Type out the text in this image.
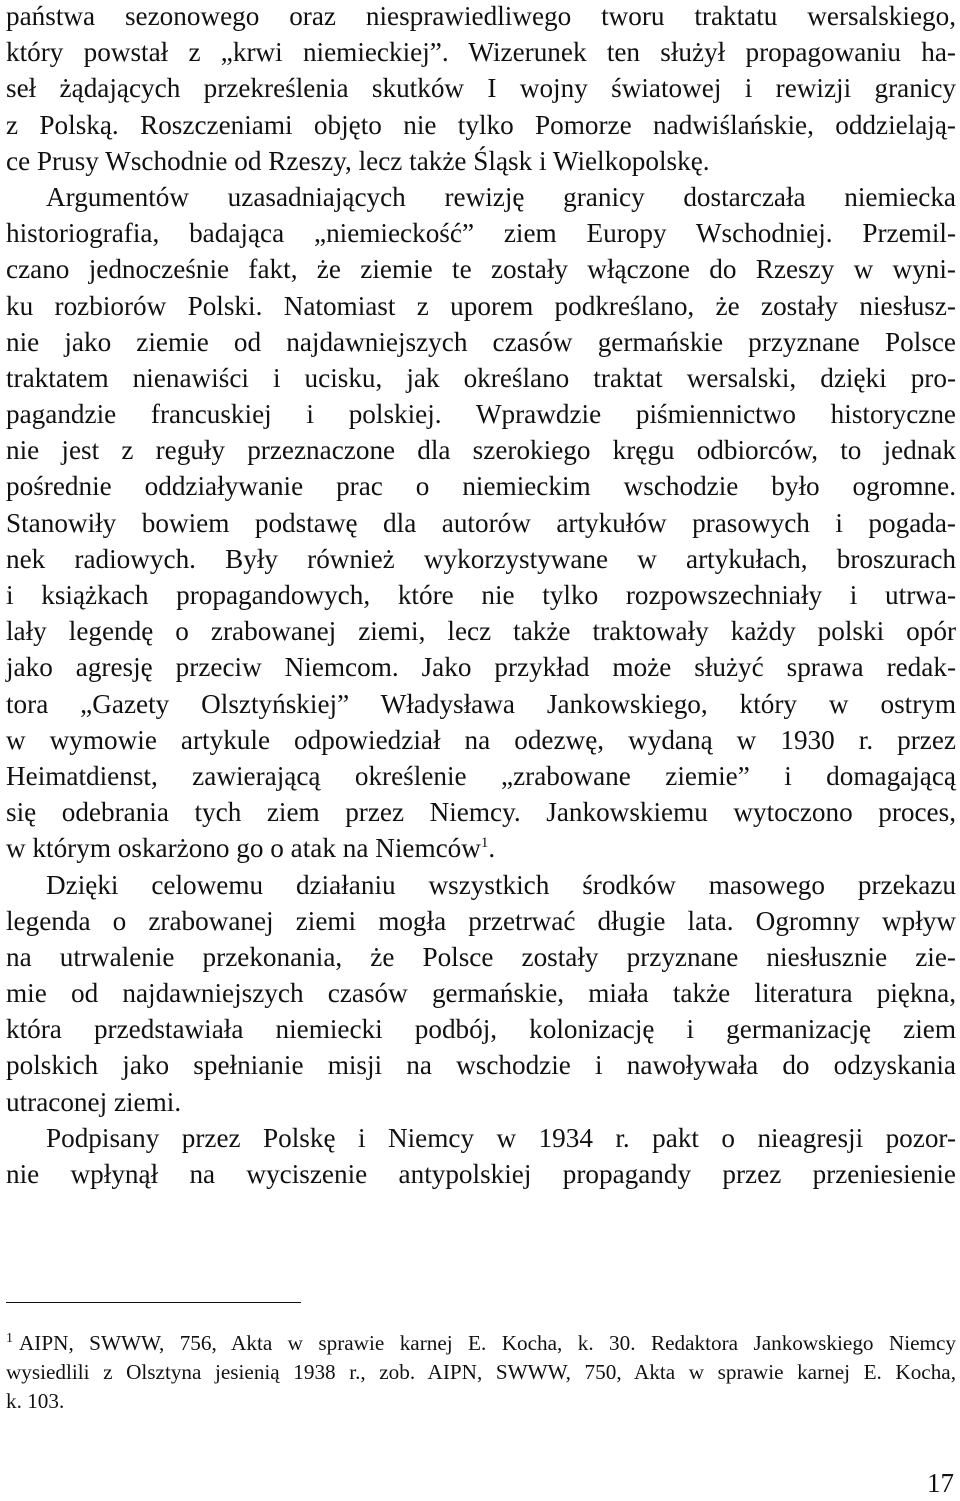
państwa sezonowego oraz niesprawiedliwego tworu traktatu wersalskiego,
który powstał z „krwi niemieckiej”. Wizerunek ten służył propagowaniu ha-
seł żądających przekreślenia skutków I wojny światowej i rewizji granicy
z Polską. Roszczeniami objęto nie tylko Pomorze nadwiślańskie, oddzielają-
ce Prusy Wschodnie od Rzeszy, lecz także Śląsk i Wielkopolskę.
Argumentów uzasadniających rewizję granicy dostarczała niemiecka
historiografia, badająca „niemieckość” ziem Europy Wschodniej. Przemil-
czano jednocześnie fakt, że ziemie te zostały włączone do Rzeszy w wyni-
ku rozbiorów Polski. Natomiast z uporem podkreślano, że zostały niesłusz-
nie jako ziemie od najdawniejszych czasów germańskie przyznane Polsce
traktatem nienawiści i ucisku, jak określano traktat wersalski, dzięki pro-
pagandzie francuskiej i polskiej. Wprawdzie piśmiennictwo historyczne
nie jest z reguły przeznaczone dla szerokiego kręgu odbiorców, to jednak
pośrednie oddziaływanie prac o niemieckim wschodzie było ogromne.
Stanowiły bowiem podstawę dla autorów artykułów prasowych i pogada-
nek radiowych. Były również wykorzystywane w artykułach, broszurach
i książkach propagandowych, które nie tylko rozpowszechniały i utrwa-
lały legendę o zrabowanej ziemi, lecz także traktowały każdy polski opór
jako agresję przeciw Niemcom. Jako przykład może służyć sprawa redak-
tora „Gazety Olsztyńskiej” Władysława Jankowskiego, który w ostrym
w wymowie artykule odpowiedział na odezwę, wydaną w 1930 r. przez
Heimatdienst, zawierającą określenie „zrabowane ziemie” i domagającą
się odebrania tych ziem przez Niemcy. Jankowskiemu wytoczono proces,
w którym oskarżono go o atak na Niemców$^1$.
Dzięki celowemu działaniu wszystkich środków masowego przekazu
legenda o zrabowanej ziemi mogła przetrwać długie lata. Ogromny wpływ
na utrwalenie przekonania, że Polsce zostały przyznane niesłusznie zie-
mie od najdawniejszych czasów germańskie, miała także literatura piękna,
która przedstawiała niemiecki podbój, kolonizację i germanizację ziem
polskich jako spełnianie misji na wschodzie i nawoływała do odzyskania
utraconej ziemi.
Podpisany przez Polskę i Niemcy w 1934 r. pakt o nieagresji pozor-
nie wpłynął na wyciszenie antypolskiej propagandy przez przeniesienie
$^1$ AIPN, SWWW, 756, Akta w sprawie karnej E. Kocha, k. 30. Redaktora Jankowskiego Niemcy
wysiedlili z Olsztyna jesienią 1938 r., zob. AIPN, SWWW, 750, Akta w sprawie karnej E. Kocha,
k. 103.
17
